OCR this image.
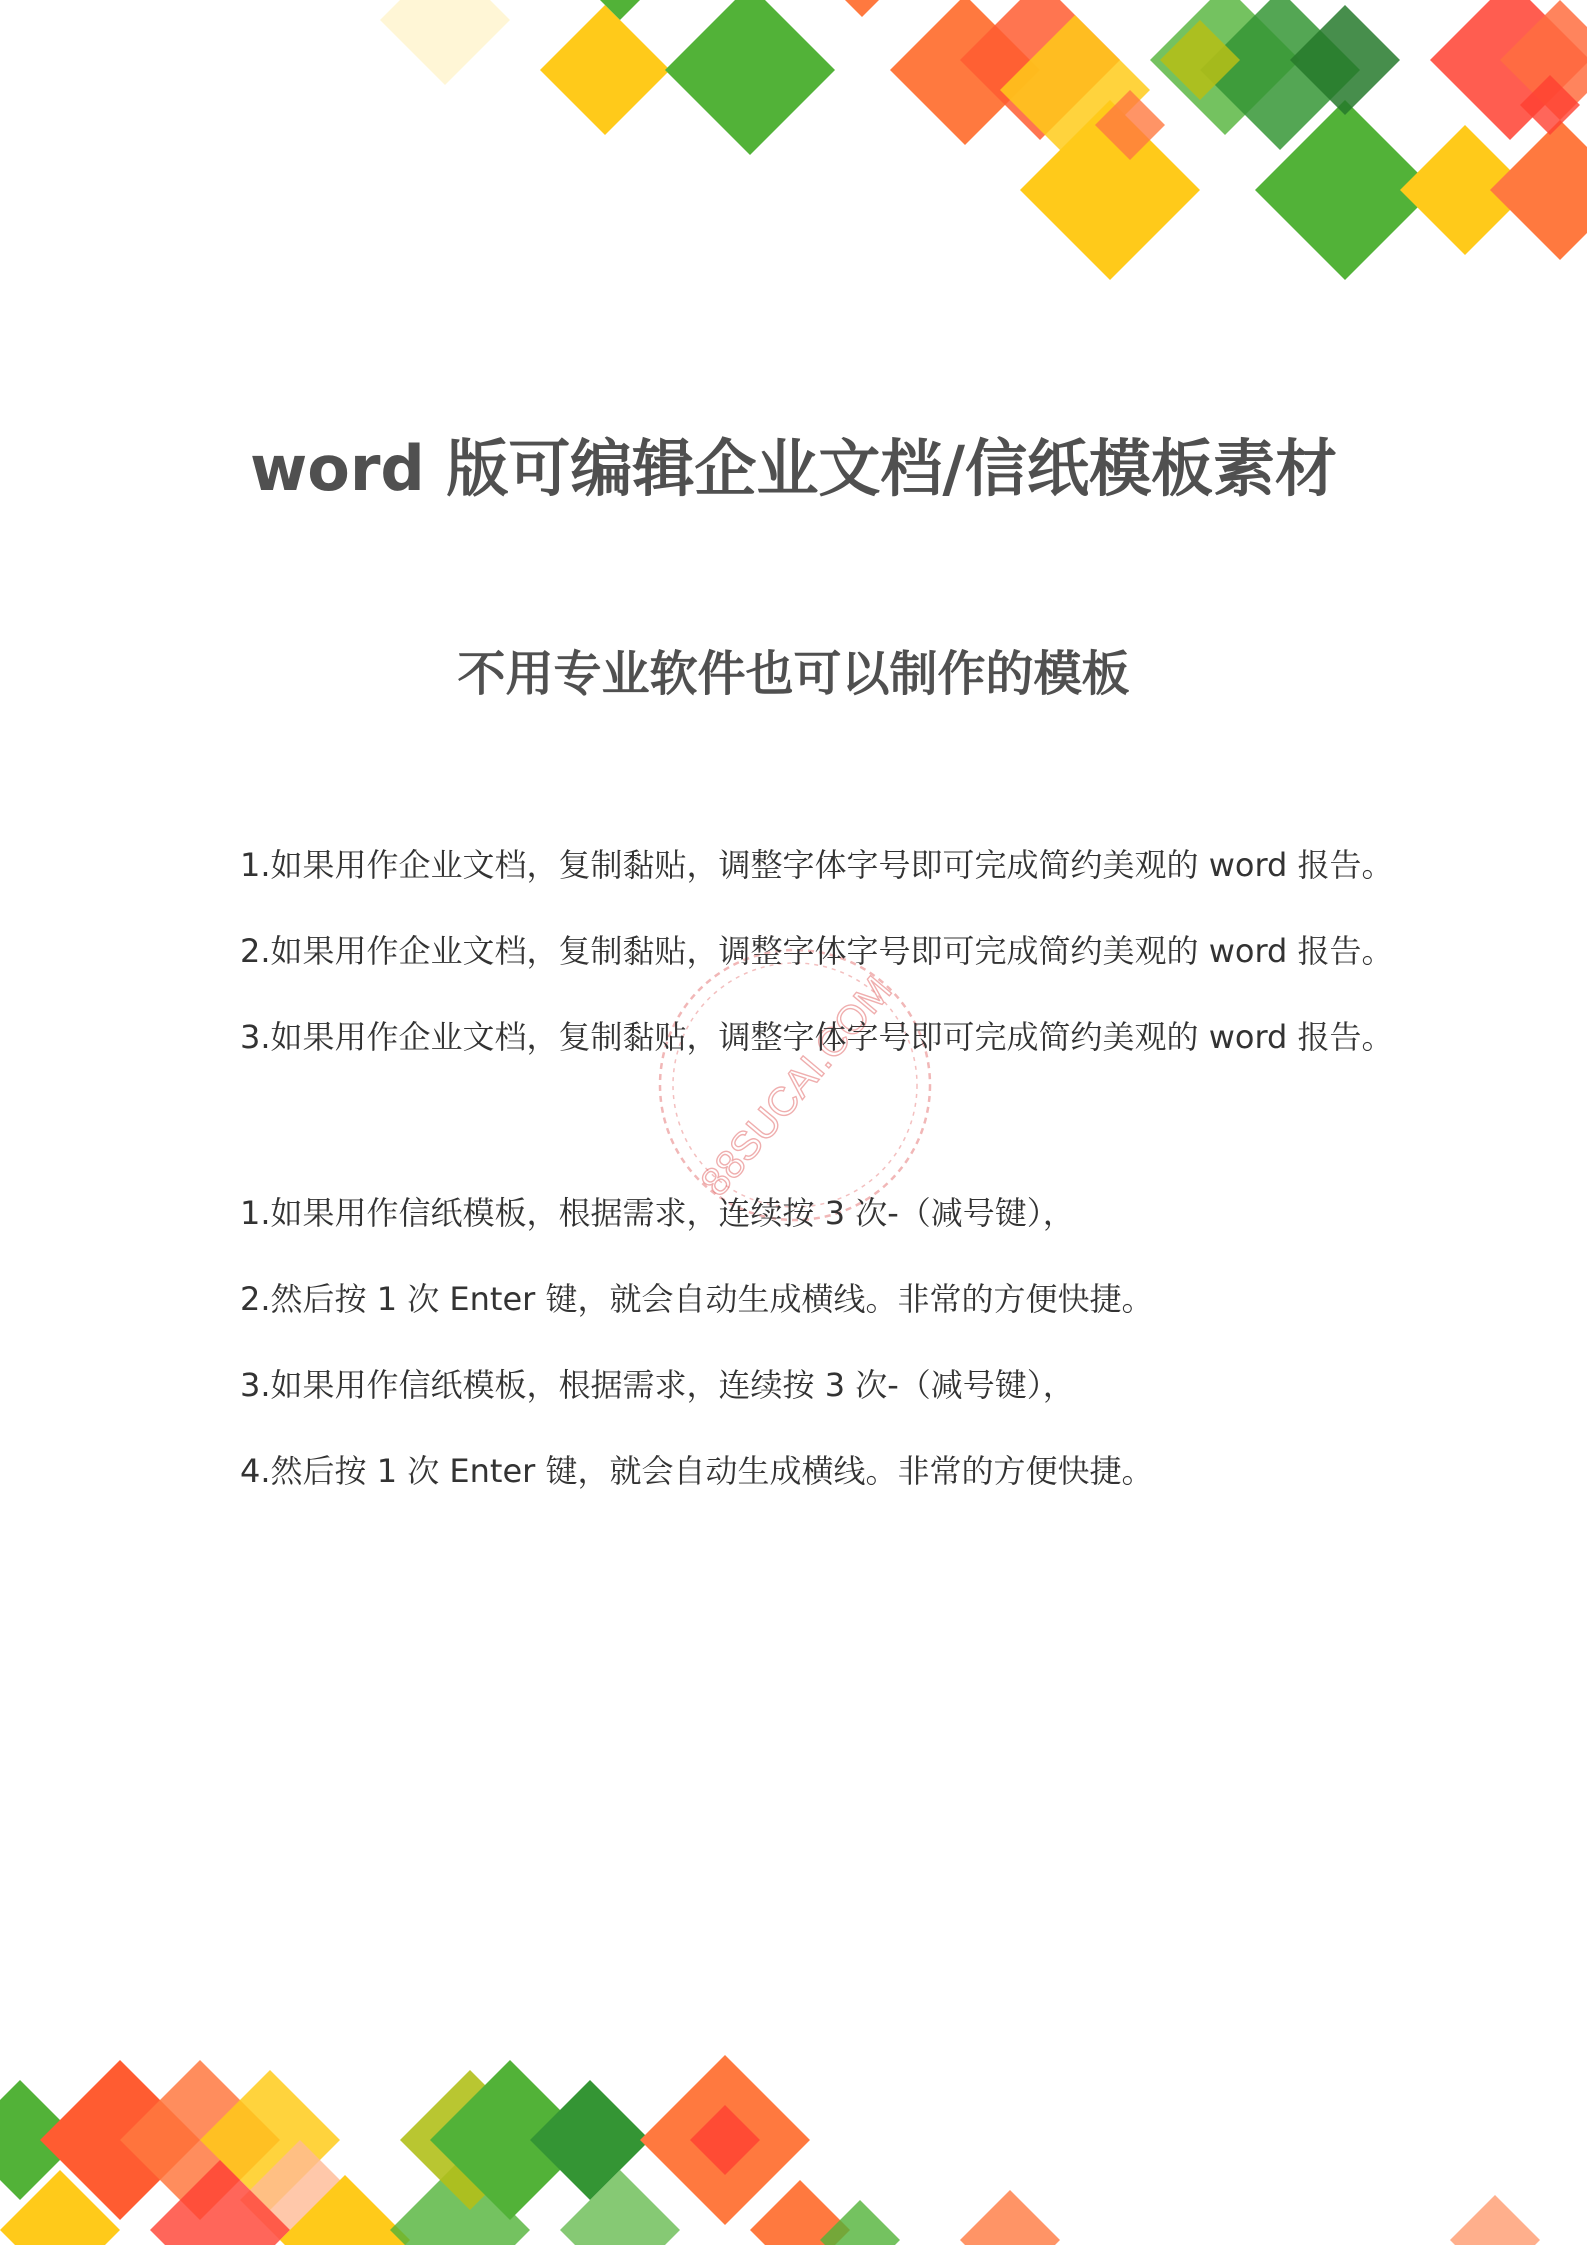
88SUCAI.COM
word 版可编辑企业文档/信纸模板素材
不用专业软件也可以制作的模板
1.如果用作企业文档，复制黏贴，调整字体字号即可完成简约美观的 word 报告。
2.如果用作企业文档，复制黏贴，调整字体字号即可完成简约美观的 word 报告。
3.如果用作企业文档，复制黏贴，调整字体字号即可完成简约美观的 word 报告。
1.如果用作信纸模板，根据需求，连续按 3 次-（减号键），
2.然后按 1 次 Enter 键，就会自动生成横线。非常的方便快捷。
3.如果用作信纸模板，根据需求，连续按 3 次-（减号键），
4.然后按 1 次 Enter 键，就会自动生成横线。非常的方便快捷。
